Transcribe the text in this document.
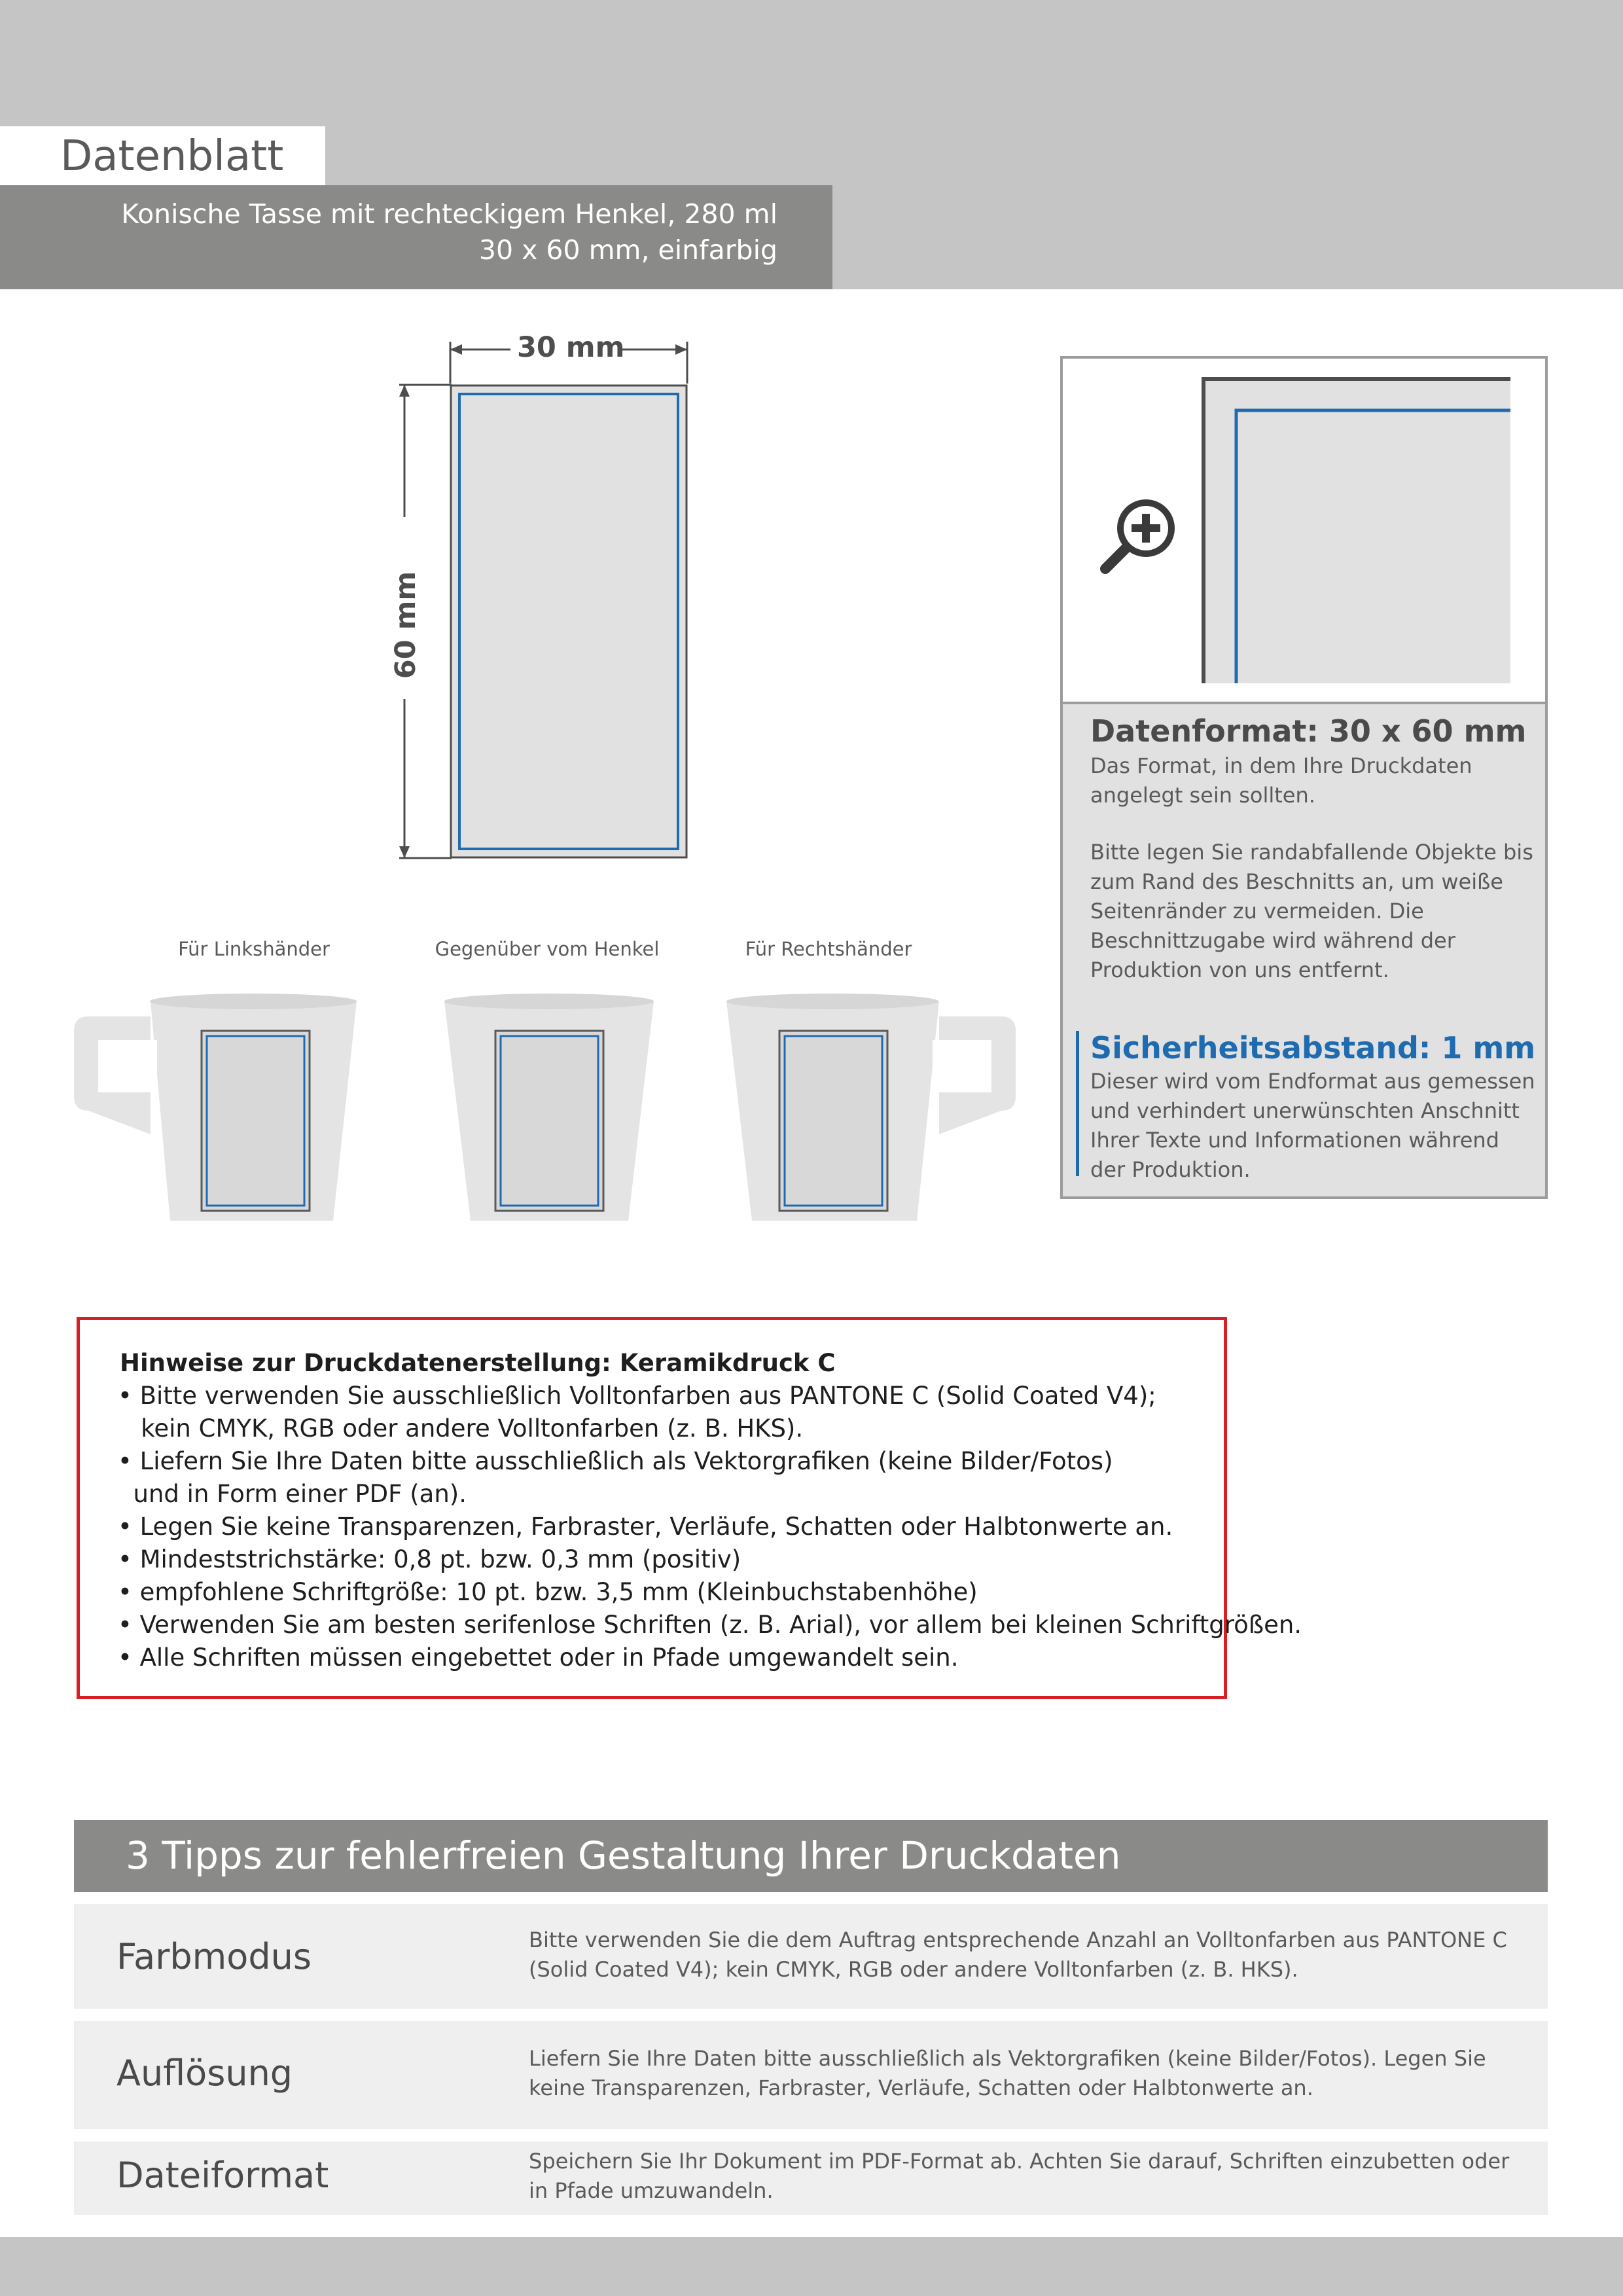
Datenblatt
Konische Tasse mit rechteckigem Henkel, 280 ml
30 x 60 mm, einfarbig
30 mm
60 mm
Für Linkshänder	Gegenüber vom Henkel	Für Rechtshänder
Datenformat: 30 x 60 mm
Das Format, in dem Ihre Druckdaten angelegt sein sollten.
Bitte legen Sie randabfallende Objekte bis zum Rand des Beschnitts an, um weiße Seitenränder zu vermeiden. Die Beschnittzugabe wird während der Produktion von uns entfernt.
Sicherheitsabstand: 1 mm
Dieser wird vom Endformat aus gemessen und verhindert unerwünschten Anschnitt Ihrer Texte und Informationen während der Produktion.
Hinweise zur Druckdatenerstellung: Keramikdruck C
• Bitte verwenden Sie ausschließlich Volltonfarben aus PANTONE C (Solid Coated V4);
kein CMYK, RGB oder andere Volltonfarben (z. B. HKS).
• Liefern Sie Ihre Daten bitte ausschließlich als Vektorgrafiken (keine Bilder/Fotos)
und in Form einer PDF (an).
• Legen Sie keine Transparenzen, Farbraster, Verläufe, Schatten oder Halbtonwerte an.
• Mindeststrichstärke: 0,8 pt. bzw. 0,3 mm (positiv)
• empfohlene Schriftgröße: 10 pt. bzw. 3,5 mm (Kleinbuchstabenhöhe)
• Verwenden Sie am besten serifenlose Schriften (z. B. Arial), vor allem bei kleinen Schriftgrößen.
• Alle Schriften müssen eingebettet oder in Pfade umgewandelt sein.
3 Tipps zur fehlerfreien Gestaltung Ihrer Druckdaten
Farbmodus	Bitte verwenden Sie die dem Auftrag entsprechende Anzahl an Volltonfarben aus PANTONE C (Solid Coated V4); kein CMYK, RGB oder andere Volltonfarben (z. B. HKS).
Auflösung	Liefern Sie Ihre Daten bitte ausschließlich als Vektorgrafiken (keine Bilder/Fotos). Legen Sie keine Transparenzen, Farbraster, Verläufe, Schatten oder Halbtonwerte an.
Dateiformat	Speichern Sie Ihr Dokument im PDF-Format ab. Achten Sie darauf, Schriften einzubetten oder in Pfade umzuwandeln.
